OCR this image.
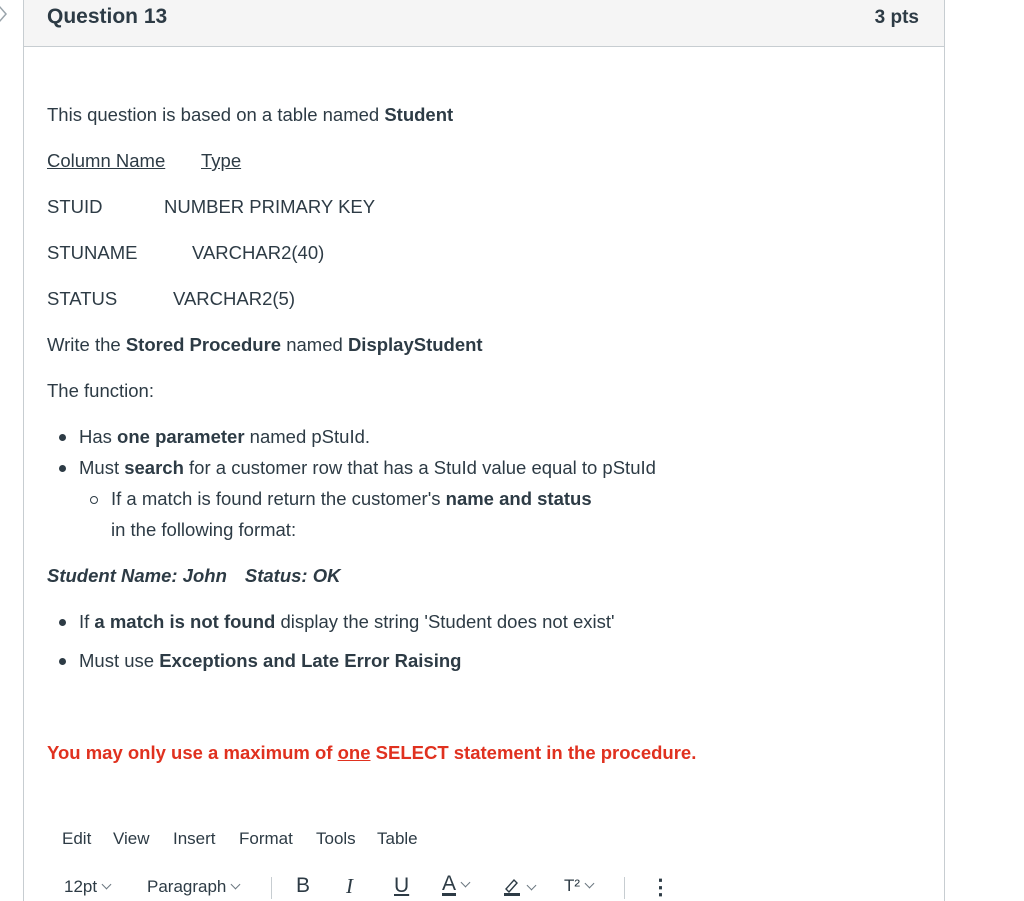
Question 13	3 pts
This question is based on a table named Student
Column Name Type
STUID	NUMBER PRIMARY KEY
STUNAME	VARCHAR2(40)
STATUS	VARCHAR2(5)
Write the Stored Procedure named DisplayStudent
The function:
Has one parameter named pStuId.
Must search for a customer row that has a StuId value equal to pStuId
If a match is found return the customer's name and status
in the following format:
Student Name: John Status: OK
If a match is not found display the string 'Student does not exist'
Must use Exceptions and Late Error Raising
You may only use a maximum of one SELECT statement in the procedure.
Edit View Insert Format Tools Table
12pt	Paragraph	B I U A	T²	⋮
